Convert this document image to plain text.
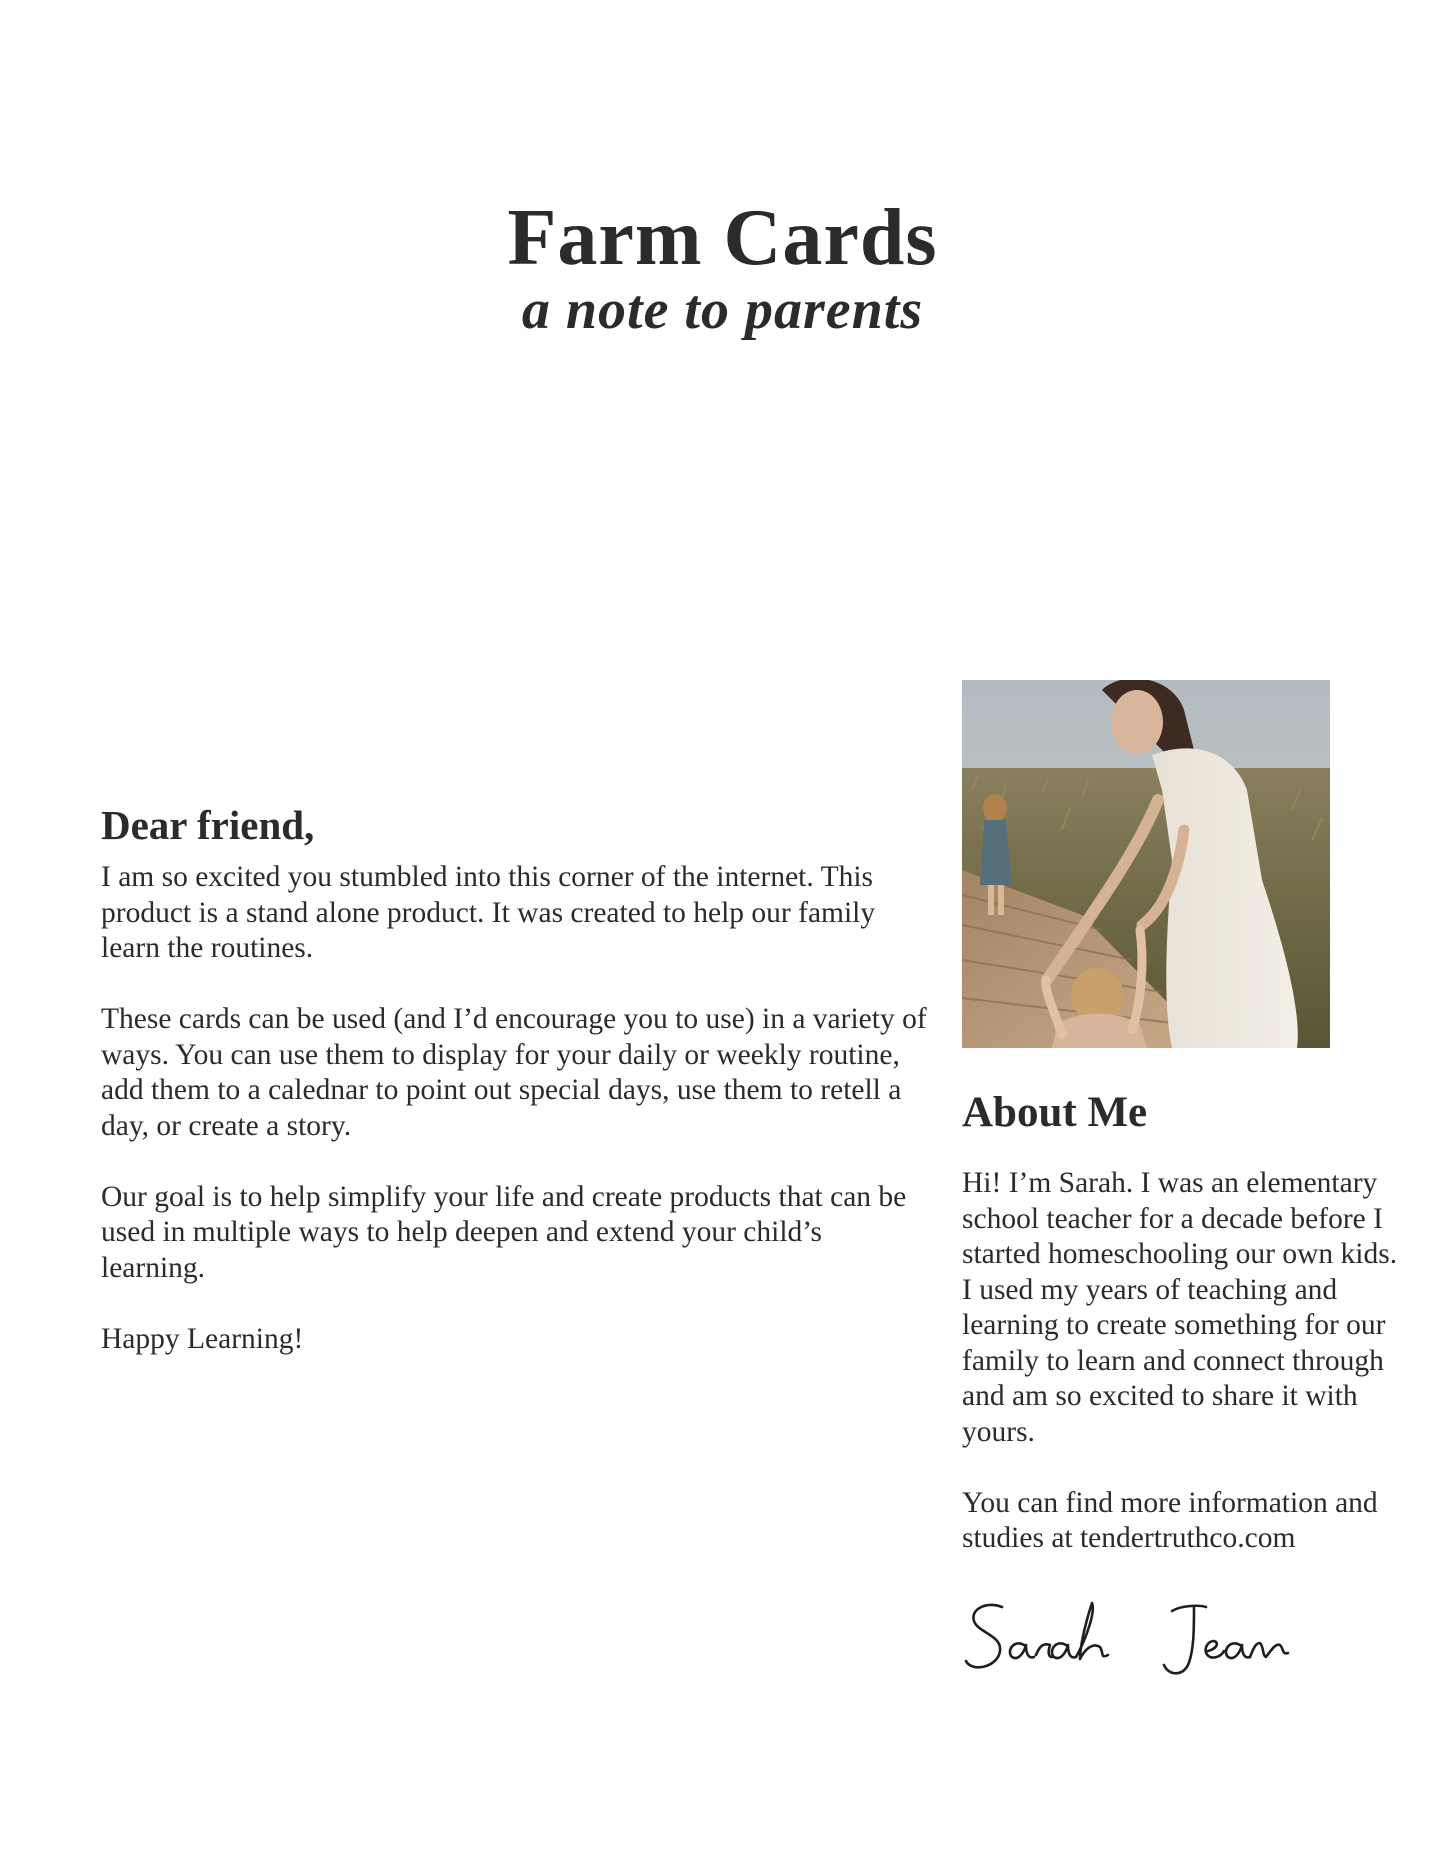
Farm Cards
a note to parents
Dear friend,

I am so excited you stumbled into this corner of the internet. This product is a stand alone product. It was created to help our family learn the routines.

These cards can be used (and I’d encourage you to use) in a variety of ways. You can use them to display for your daily or weekly routine, add them to a calednar to point out special days, use them to retell a day, or create a story.

Our goal is to help simplify your life and create products that can be used in multiple ways to help deepen and extend your child’s learning.

Happy Learning!

About Me

Hi! I’m Sarah. I was an elementary school teacher for a decade before I started homeschooling our own kids. I used my years of teaching and learning to create something for our family to learn and connect through and am so excited to share it with yours.

You can find more information and studies at tendertruthco.com
